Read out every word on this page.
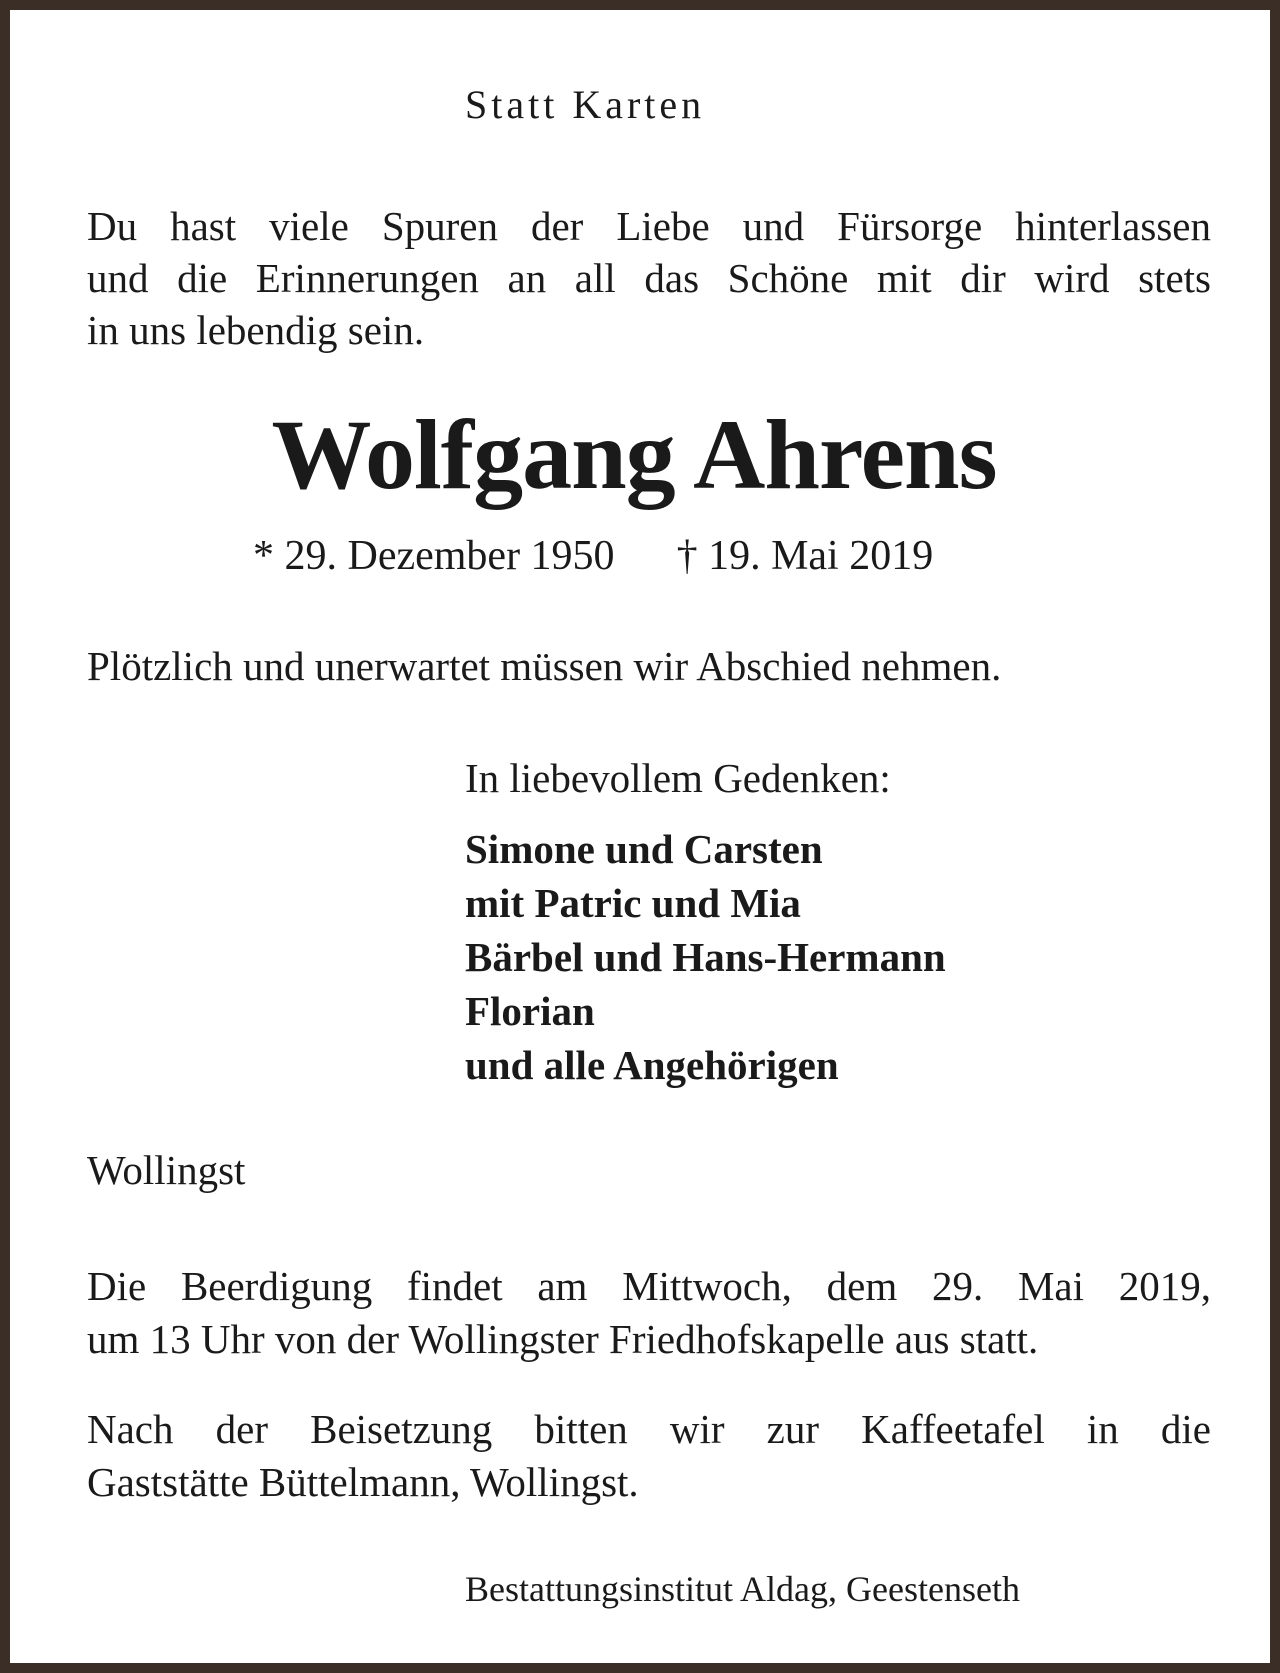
Statt Karten
Du hast viele Spuren der Liebe und Fürsorge hinterlassen
und die Erinnerungen an all das Schöne mit dir wird stets
in uns lebendig sein.
Wolfgang Ahrens
* 29. Dezember 1950 † 19. Mai 2019
Plötzlich und unerwartet müssen wir Abschied nehmen.
In liebevollem Gedenken:
Simone und Carsten
mit Patric und Mia
Bärbel und Hans-Hermann
Florian
und alle Angehörigen
Wollingst
Die Beerdigung findet am Mittwoch, dem 29. Mai 2019,
um 13 Uhr von der Wollingster Friedhofskapelle aus statt.
Nach der Beisetzung bitten wir zur Kaffeetafel in die
Gaststätte Büttelmann, Wollingst.
Bestattungsinstitut Aldag, Geestenseth
